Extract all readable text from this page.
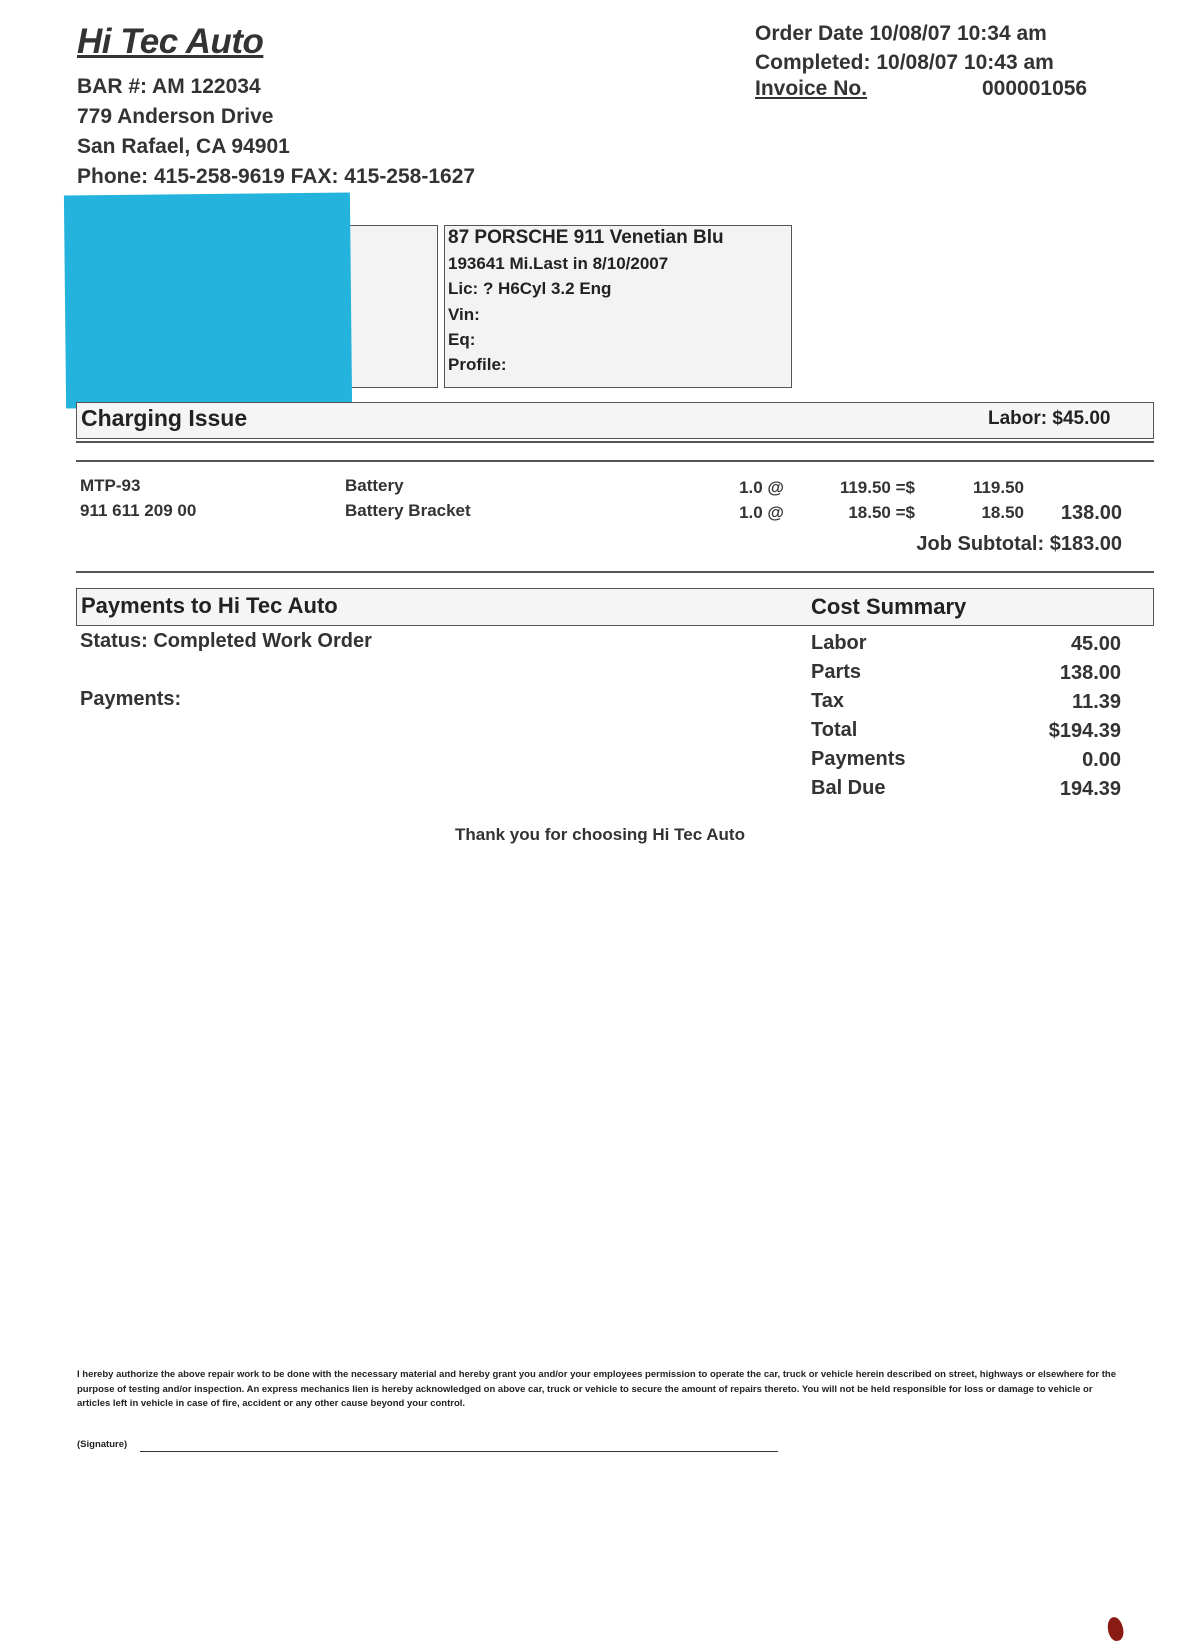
Hi Tec Auto
BAR #: AM 122034
779 Anderson Drive
San Rafael, CA 94901
Phone: 415-258-9619 FAX: 415-258-1627
Order Date 10/08/07 10:34 am
Completed: 10/08/07 10:43 am
Invoice No.	000001056
87 PORSCHE 911 Venetian Blu
193641 Mi.Last in 8/10/2007
Lic: ? H6Cyl 3.2 Eng
Vin:
Eq:
Profile:
Charging Issue	Labor: $45.00
MTP-93	Battery	1.0 @	119.50 =$	119.50
911 611 209 00	Battery Bracket	1.0 @	18.50 =$	18.50	138.00
Job Subtotal: $183.00
Payments to Hi Tec Auto	Cost Summary
Status: Completed Work Order
Payments:
Labor	45.00
Parts	138.00
Tax	11.39
Total	$194.39
Payments	0.00
Bal Due	194.39
Thank you for choosing Hi Tec Auto
I hereby authorize the above repair work to be done with the necessary material and hereby grant you and/or your employees permission to operate the car, truck or vehicle herein described on street, highways or elsewhere for the purpose of testing and/or inspection. An express mechanics lien is hereby acknowledged on above car, truck or vehicle to secure the amount of repairs thereto. You will not be held responsible for loss or damage to vehicle or articles left in vehicle in case of fire, accident or any other cause beyond your control.
(Signature)
